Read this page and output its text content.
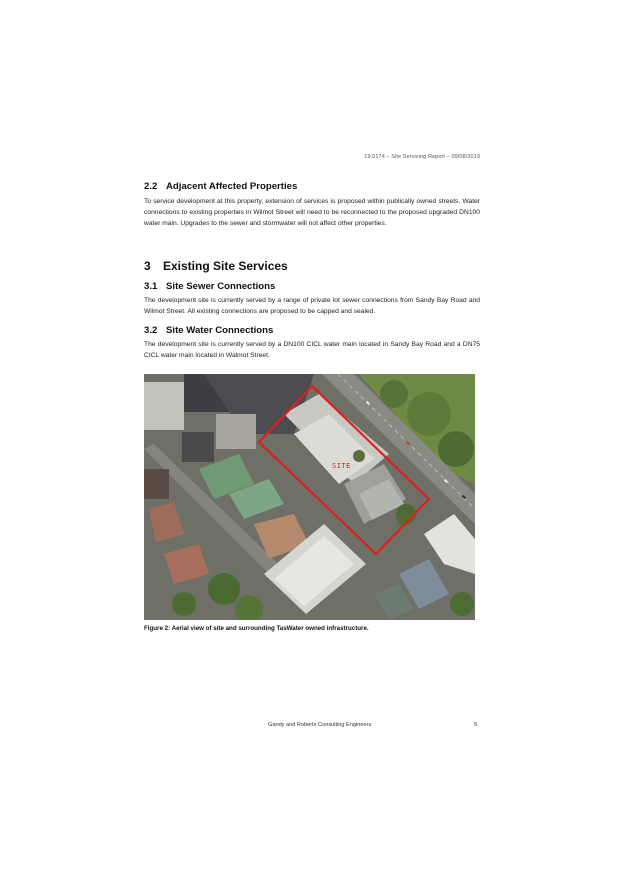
19.0174 – Site Servicing Report – 09/08/2019
2.2 Adjacent Affected Properties

To service development at this property, extension of services is proposed within publically owned streets. Water connections to existing properties in Wilmot Street will need to be reconnected to the proposed upgraded DN100 water main. Upgrades to the sewer and stormwater will not affect other properties.

3 Existing Site Services
3.1 Site Sewer Connections

The development site is currently served by a range of private lot sewer connections from Sandy Bay Road and Wilmot Street. All existing connections are proposed to be capped and sealed.

3.2 Site Water Connections

The development site is currently served by a DN100 CICL water main located in Sandy Bay Road and a DN75 CICL water main located in Walmot Street.

SITE
Figure 2: Aerial view of site and surrounding TasWater owned infrastructure.
Gandy and Roberts Consulting Engineers	5
